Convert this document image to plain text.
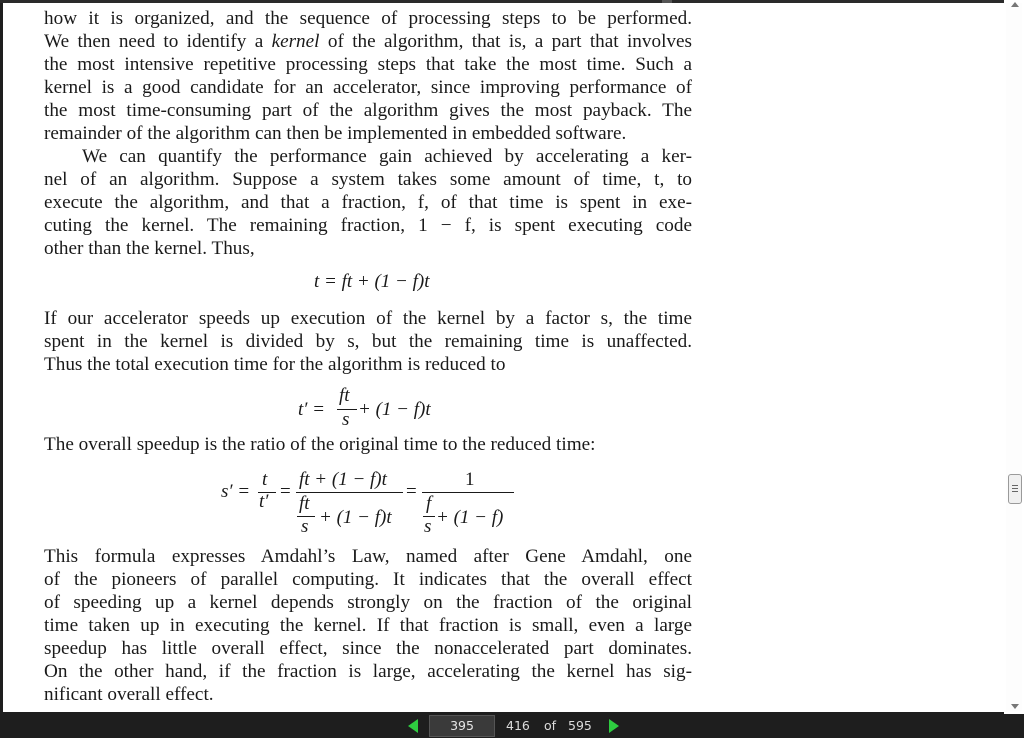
how it is organized, and the sequence of processing steps to be performed.
We then need to identify a kernel of the algorithm, that is, a part that involves
the most intensive repetitive processing steps that take the most time. Such a
kernel is a good candidate for an accelerator, since improving performance of
the most time-consuming part of the algorithm gives the most payback. The
remainder of the algorithm can then be implemented in embedded software.
We can quantify the performance gain achieved by accelerating a ker-
nel of an algorithm. Suppose a system takes some amount of time, t, to
execute the algorithm, and that a fraction, f, of that time is spent in exe-
cuting the kernel. The remaining fraction, 1 − f, is spent executing code
other than the kernel. Thus,
t = ft + (1 − f)t
If our accelerator speeds up execution of the kernel by a factor s, the time
spent in the kernel is divided by s, but the remaining time is unaffected.
Thus the total execution time for the algorithm is reduced to
t′ =
ft
s + (1 − f)t
The overall speedup is the ratio of the original time to the reduced time:
s′ =
t
t′ =
ft + (1 − f)t
ft
s + (1 − f)t
=
1
f
s + (1 − f)
This formula expresses Amdahl’s Law, named after Gene Amdahl, one
of the pioneers of parallel computing. It indicates that the overall effect
of speeding up a kernel depends strongly on the fraction of the original
time taken up in executing the kernel. If that fraction is small, even a large
speedup has little overall effect, since the nonaccelerated part dominates.
On the other hand, if the fraction is large, accelerating the kernel has sig-
nificant overall effect.
395	416 of 595
